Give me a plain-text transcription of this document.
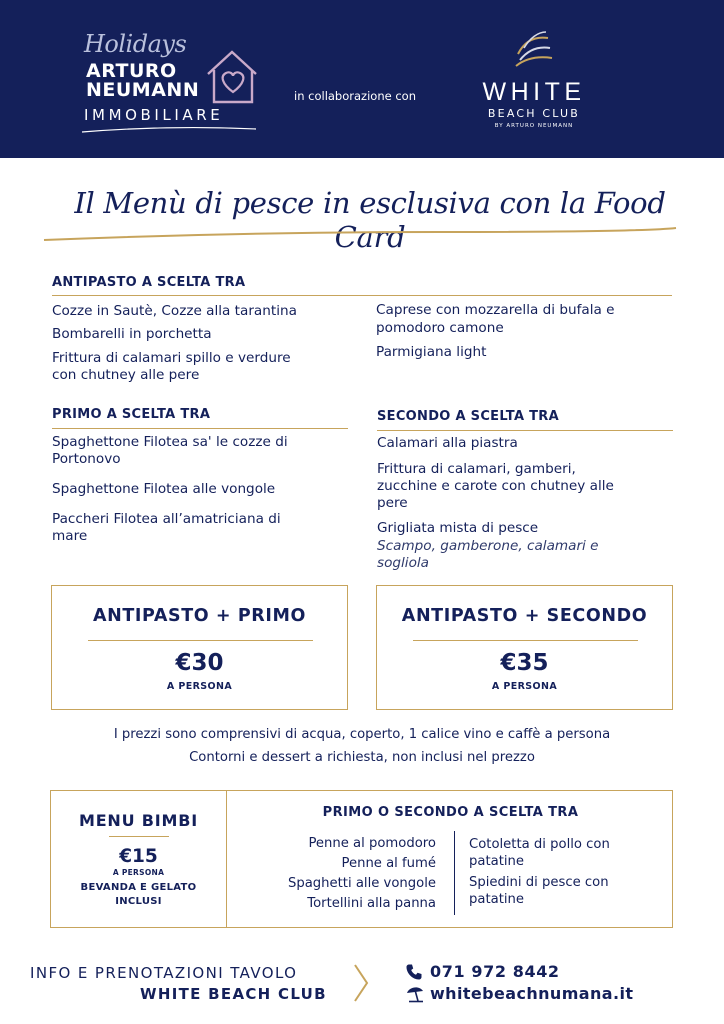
Holidays
ARTURO
NEUMANN
IMMOBILIARE
in collaborazione con	WHITE
BEACH CLUB
BY ARTURO NEUMANN
Il Menù di pesce in esclusiva con la Food Card
ANTIPASTO A SCELTA TRA
Cozze in Sautè, Cozze alla tarantina
Bombarelli in porchetta
Frittura di calamari spillo e verdure
con chutney alle pere
Caprese con mozzarella di bufala e
pomodoro camone
Parmigiana light
PRIMO A SCELTA TRA
Spaghettone Filotea sa' le cozze di
Portonovo
Spaghettone Filotea alle vongole
Paccheri Filotea all’amatriciana di
mare
SECONDO A SCELTA TRA
Calamari alla piastra
Frittura di calamari, gamberi,
zucchine e carote con chutney alle
pere
Grigliata mista di pesce
Scampo, gamberone, calamari e
sogliola
ANTIPASTO + PRIMO
€30
A PERSONA
ANTIPASTO + SECONDO
€35
A PERSONA
I prezzi sono comprensivi di acqua, coperto, 1 calice vino e caffè a persona
Contorni e dessert a richiesta, non inclusi nel prezzo
MENU BIMBI
€15
A PERSONA
BEVANDA E GELATO
INCLUSI
PRIMO O SECONDO A SCELTA TRA
Penne al pomodoro
Penne al fumé
Spaghetti alle vongole
Tortellini alla panna
Cotoletta di pollo con
patatine
Spiedini di pesce con
patatine
INFO E PRENOTAZIONI TAVOLO
WHITE BEACH CLUB
071 972 8442
whitebeachnumana.it
